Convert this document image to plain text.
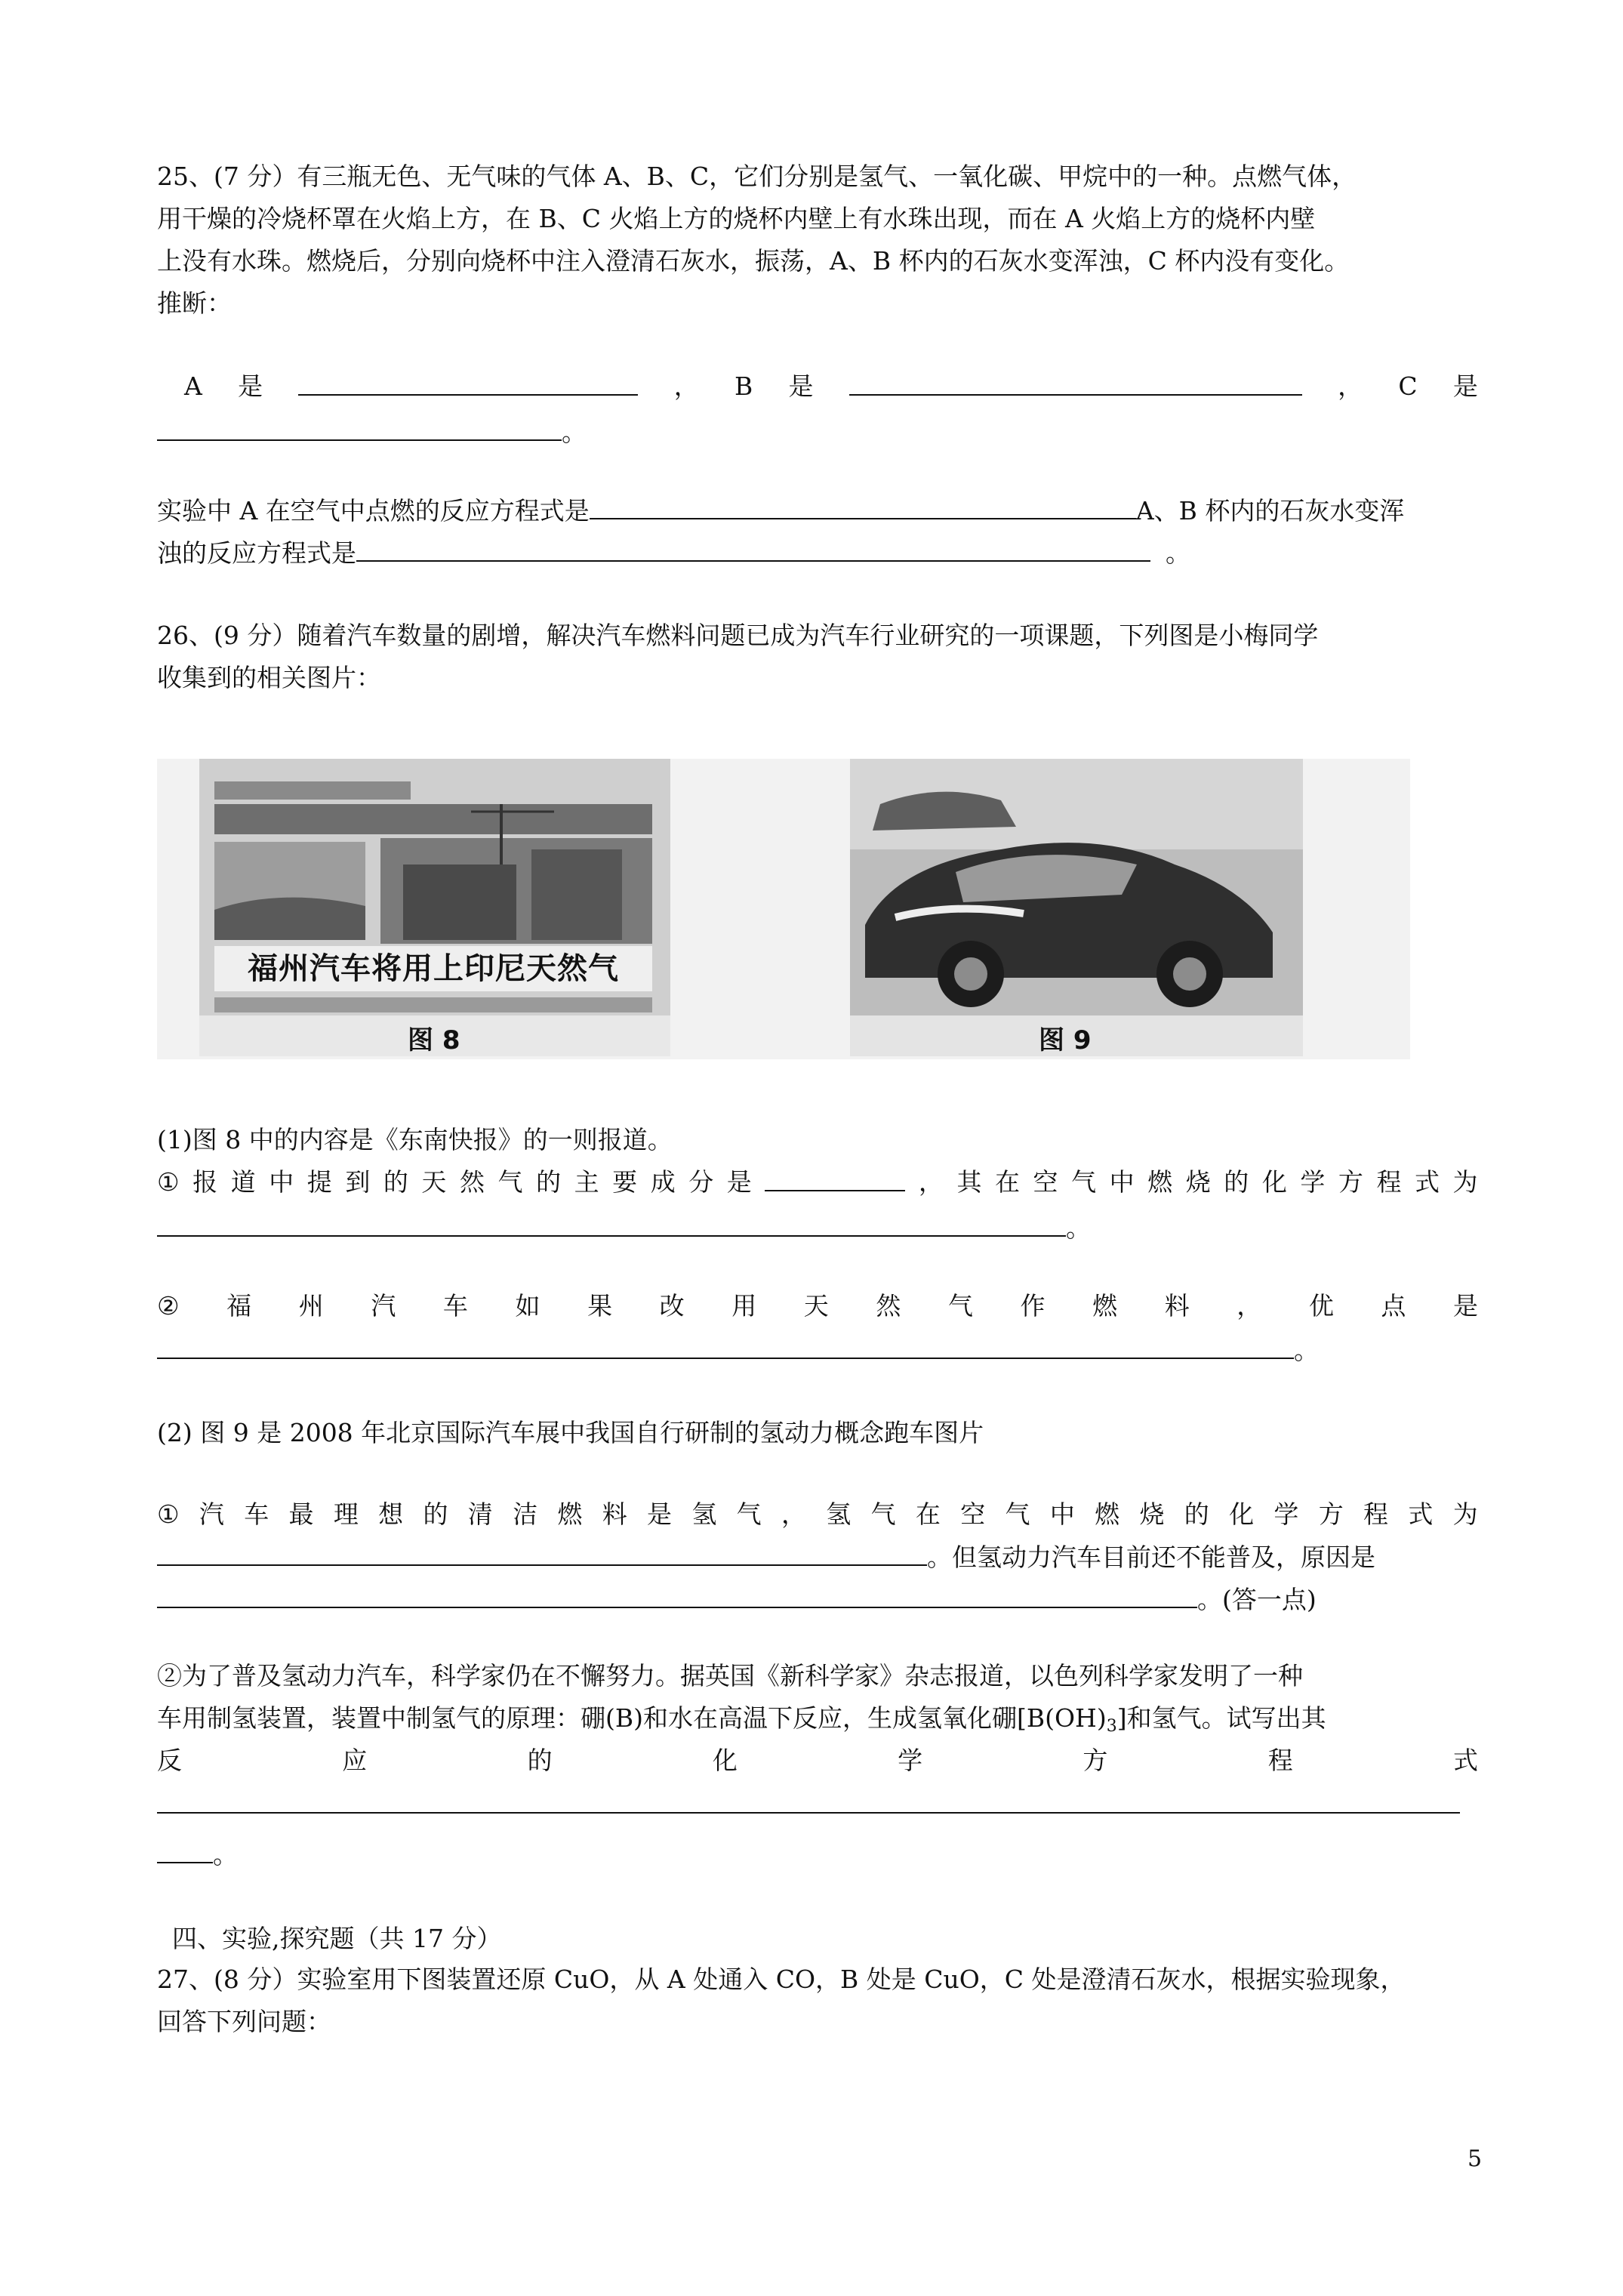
25、(7 分）有三瓶无色、无气味的气体 A、B、C，它们分别是氢气、一氧化碳、甲烷中的一种。点燃气体，
用干燥的冷烧杯罩在火焰上方，在 B、C 火焰上方的烧杯内壁上有水珠出现，而在 A 火焰上方的烧杯内壁
上没有水珠。燃烧后，分别向烧杯中注入澄清石灰水，振荡，A、B 杯内的石灰水变浑浊，C 杯内没有变化。
推断：
A 是	， B 是	， C 是
。
实验中 A 在空气中点燃的反应方程式是	A、B 杯内的石灰水变浑
浊的反应方程式是	。
26、(9 分）随着汽车数量的剧增，解决汽车燃料问题已成为汽车行业研究的一项课题，下列图是小梅同学
收集到的相关图片：
福州汽车将用上印尼天然气
图 8	图 9
(1)图 8 中的内容是《东南快报》的一则报道。
① 报 道 中 提 到 的 天 然 气 的 主 要 成 分 是	， 其 在 空 气 中 燃 烧 的 化 学 方 程 式 为
。
② 福 州 汽 车 如 果 改 用 天 然 气 作 燃 料 ， 优 点 是
。
(2) 图 9 是 2008 年北京国际汽车展中我国自行研制的氢动力概念跑车图片
① 汽 车 最 理 想 的 清 洁 燃 料 是 氢 气 ， 氢 气 在 空 气 中 燃 烧 的 化 学 方 程 式 为
。但氢动力汽车目前还不能普及，原因是
。(答一点)
②为了普及氢动力汽车，科学家仍在不懈努力。据英国《新科学家》杂志报道，以色列科学家发明了一种
车用制氢装置，装置中制氢气的原理：硼(B)和水在高温下反应，生成氢氧化硼$[B(OH)_3]$和氢气。试写出其
反	应	的	化	学	方	程	式
。
四、实验,探究题（共 17 分）
27、(8 分）实验室用下图装置还原 CuO，从 A 处通入 CO，B 处是 CuO，C 处是澄清石灰水，根据实验现象，
回答下列问题：
5
